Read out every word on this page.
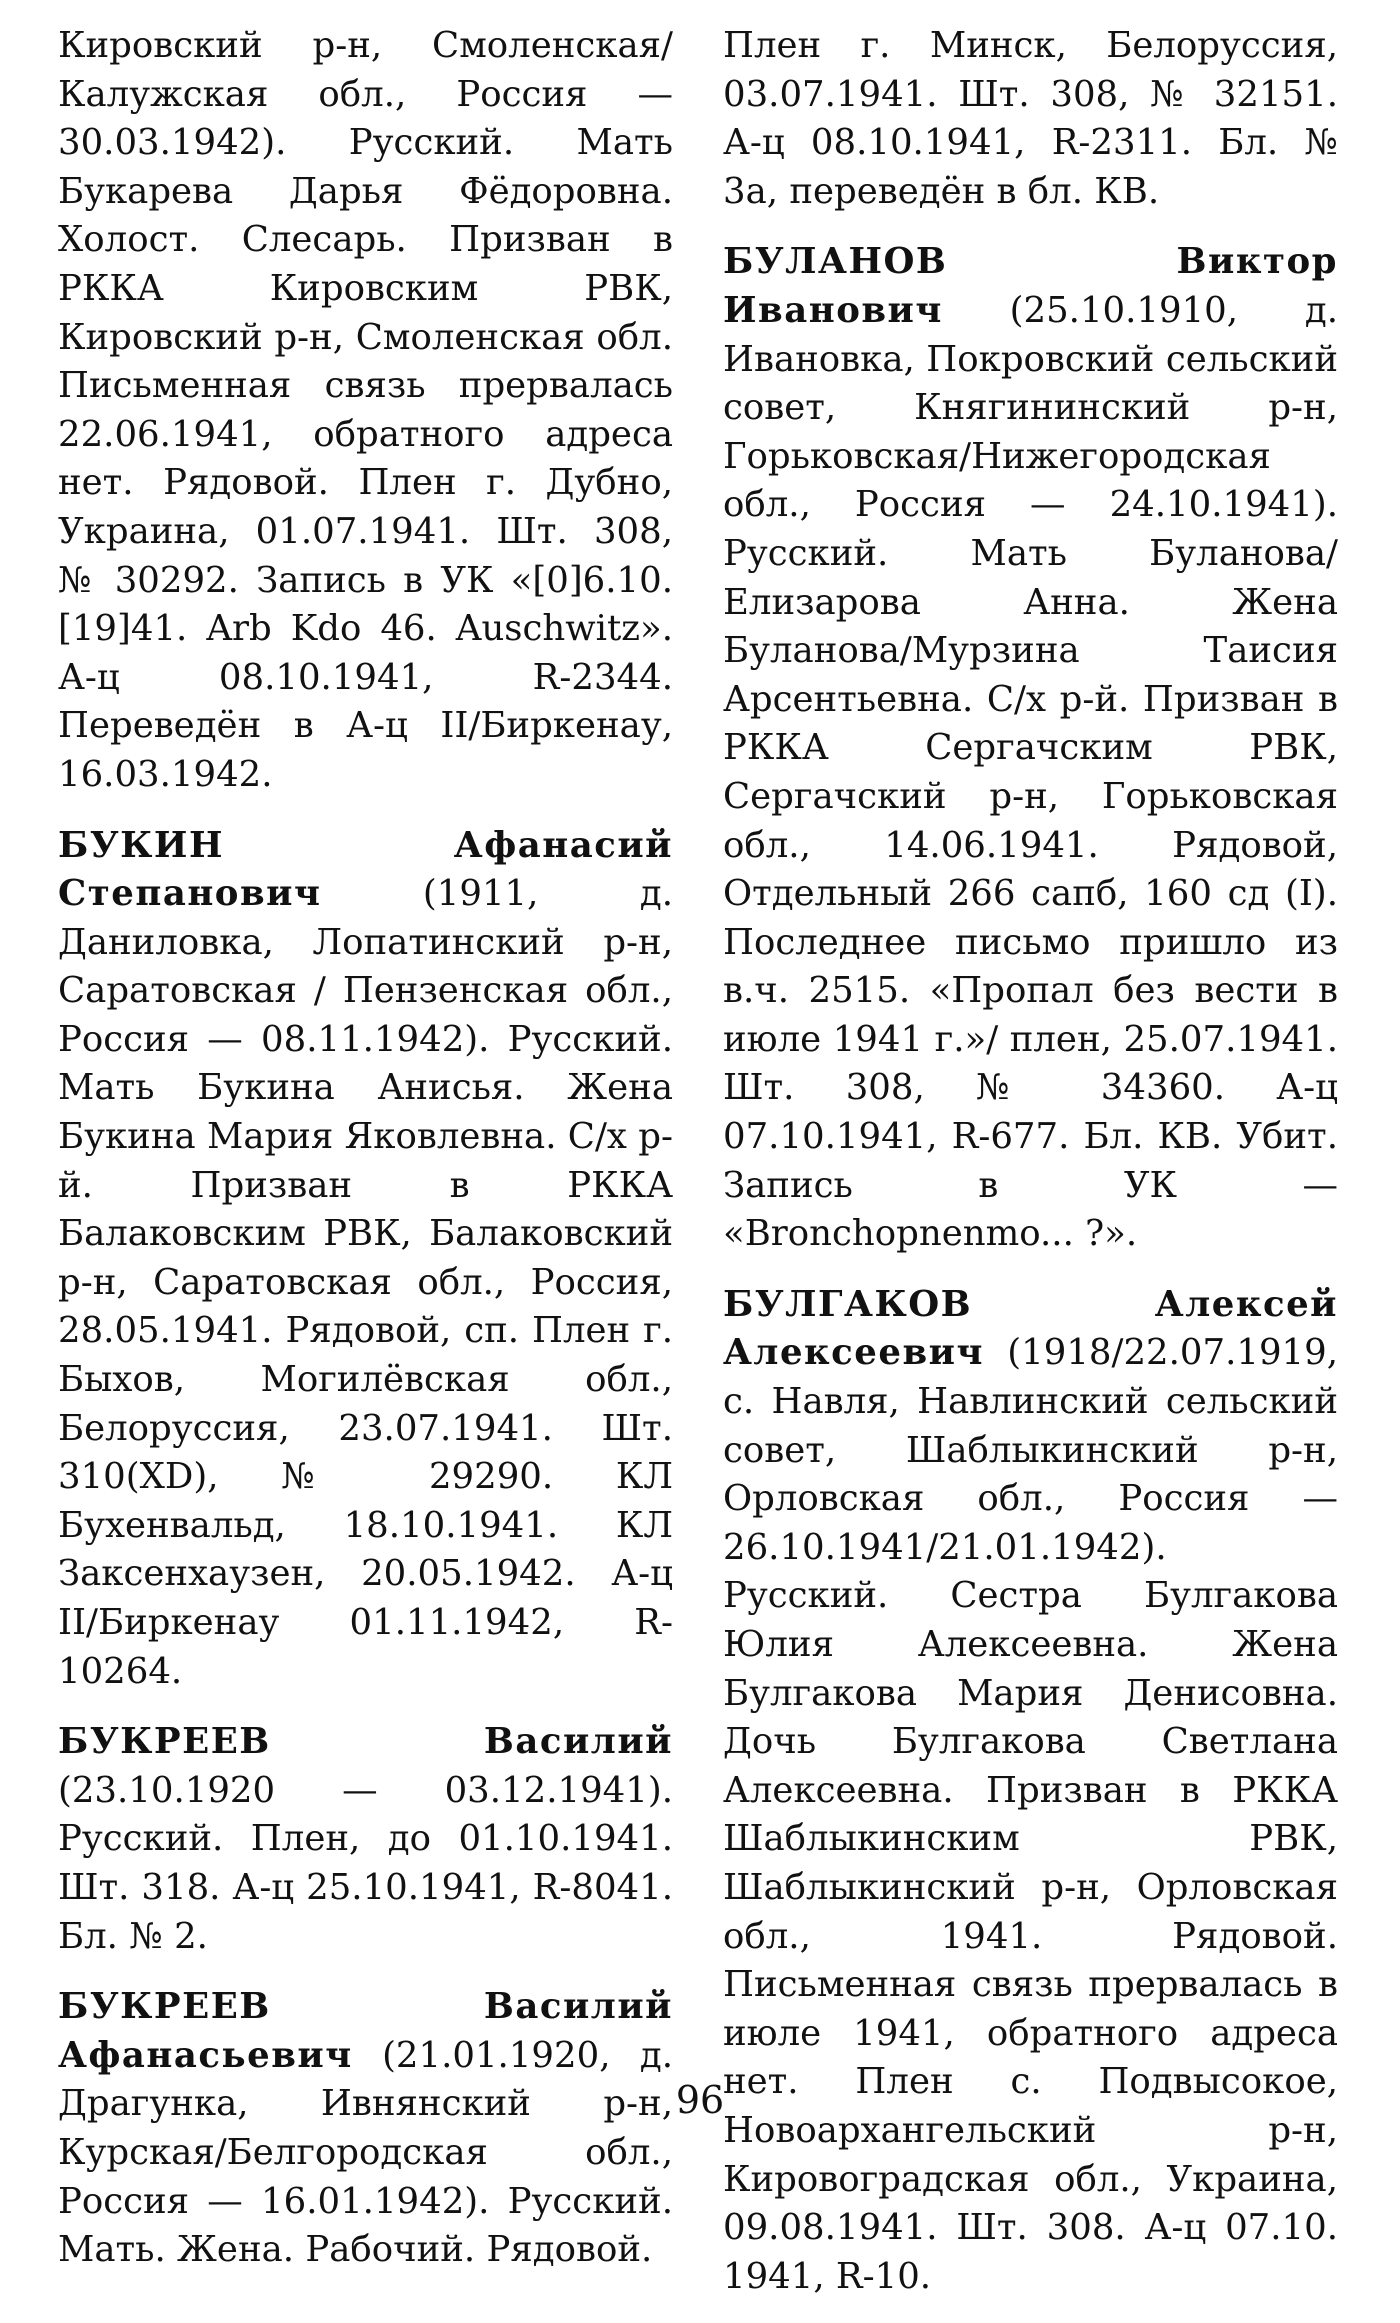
Кировский р-н, Смоленская/Калужская обл., Россия — 30.03.1942). Русский. Мать Букарева Дарья Фёдоровна. Холост. Слесарь. Призван в РККА Кировским РВК, Кировский р-н, Смоленская обл. Письменная связь прервалась 22.06.1941, обратного адреса нет. Рядовой. Плен г. Дубно, Украина, 01.07.1941. Шт. 308, № 30292. Запись в УК «[0]6.10.[19]41. Arb Kdo 46. Auschwitz». А-ц 08.10.1941, R-2344. Переведён в А-ц II/Биркенау, 16.03.1942.

БУКИН Афанасий Степанович (1911, д. Даниловка, Лопатинский р-н, Саратовская / Пензенская обл., Россия — 08.11.1942). Русский. Мать Букина Анисья. Жена Букина Мария Яковлевна. С/х р-й. Призван в РККА Балаковским РВК, Балаковский р-н, Саратовская обл., Россия, 28.05.1941. Рядовой, сп. Плен г. Быхов, Могилёвская обл., Белоруссия, 23.07.1941. Шт. 310(XD), № 29290. КЛ Бухенвальд, 18.10.1941. КЛ Заксенхаузен, 20.05.1942. А-ц II/Биркенау 01.11.1942, R-10264.

БУКРЕЕВ Василий (23.10.1920 — 03.12.1941). Русский. Плен, до 01.10.1941. Шт. 318. А-ц 25.10.1941, R-8041. Бл. № 2.

БУКРЕЕВ Василий Афанасьевич (21.01.1920, д. Драгунка, Ивнянский р-н, Курская/Белгородская обл., Россия — 16.01.1942). Русский. Мать. Жена. Рабочий. Рядовой.

Плен г. Минск, Белоруссия, 03.07.1941. Шт. 308, № 32151. А-ц 08.10.1941, R-2311. Бл. № 3а, переведён в бл. КВ.

БУЛАНОВ Виктор Иванович (25.10.1910, д. Ивановка, Покровский сельский совет, Княгининский р-н, Горьковская/Нижегородская обл., Россия — 24.10.1941). Русский. Мать Буланова/Елизарова Анна. Жена Буланова/Мурзина Таисия Арсентьевна. С/х р-й. Призван в РККА Сергачским РВК, Сергачский р-н, Горьковская обл., 14.06.1941. Рядовой, Отдельный 266 сапб, 160 сд (I). Последнее письмо пришло из в.ч. 2515. «Пропал без вести в июле 1941 г.»/ плен, 25.07.1941. Шт. 308, № 34360. А-ц 07.10.1941, R-677. Бл. КВ. Убит. Запись в УК — «Bronchopnenmo... ?».

БУЛГАКОВ Алексей Алексеевич (1918/22.07.1919, с. Навля, Навлинский сельский совет, Шаблыкинский р-н, Орловская обл., Россия — 26.10.1941/21.01.1942). Русский. Сестра Булгакова Юлия Алексеевна. Жена Булгакова Мария Денисовна. Дочь Булгакова Светлана Алексеевна. Призван в РККА Шаблыкинским РВК, Шаблыкинский р-н, Орловская обл., 1941. Рядовой. Письменная связь прервалась в июле 1941, обратного адреса нет. Плен с. Подвысокое, Новоархангельский р-н, Кировоградская обл., Украина, 09.08.1941. Шт. 308. А-ц 07.10. 1941, R-10.

96
